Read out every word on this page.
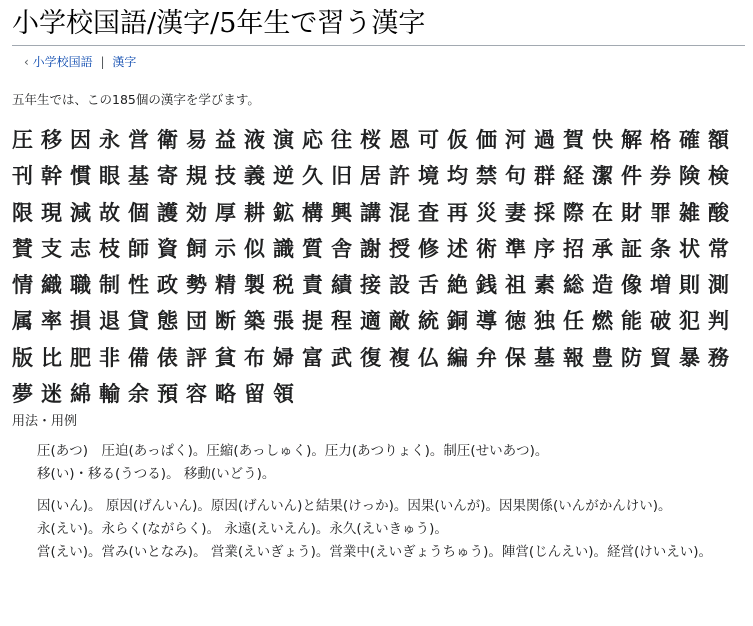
小学校国語/漢字/5年生で習う漢字
‹ 小学校国語 | 漢字

五年生では、この185個の漢字を学びます。

圧 移 因 永 営 衛 易 益 液 演 応 往 桜 恩 可 仮 価 河 過 賀 快 解 格 確 額
刊 幹 慣 眼 基 寄 規 技 義 逆 久 旧 居 許 境 均 禁 句 群 経 潔 件 券 険 検
限 現 減 故 個 護 効 厚 耕 鉱 構 興 講 混 査 再 災 妻 採 際 在 財 罪 雑 酸
賛 支 志 枝 師 資 飼 示 似 識 質 舎 謝 授 修 述 術 準 序 招 承 証 条 状 常
情 織 職 制 性 政 勢 精 製 税 責 績 接 設 舌 絶 銭 祖 素 総 造 像 増 則 測
属 率 損 退 貸 態 団 断 築 張 提 程 適 敵 統 銅 導 徳 独 任 燃 能 破 犯 判
版 比 肥 非 備 俵 評 貧 布 婦 富 武 復 複 仏 編 弁 保 墓 報 豊 防 貿 暴 務
夢 迷 綿 輸 余 預 容 略 留 領
用法・用例

圧(あつ)　圧迫(あっぱく)。圧縮(あっしゅく)。圧力(あつりょく)。制圧(せいあつ)。

移(い)・移る(うつる)。 移動(いどう)。

因(いん)。 原因(げんいん)。原因(げんいん)と結果(けっか)。因果(いんが)。因果関係(いんがかんけい)。

永(えい)。永らく(ながらく)。 永遠(えいえん)。永久(えいきゅう)。

営(えい)。営み(いとなみ)。 営業(えいぎょう)。営業中(えいぎょうちゅう)。陣営(じんえい)。経営(けいえい)。
